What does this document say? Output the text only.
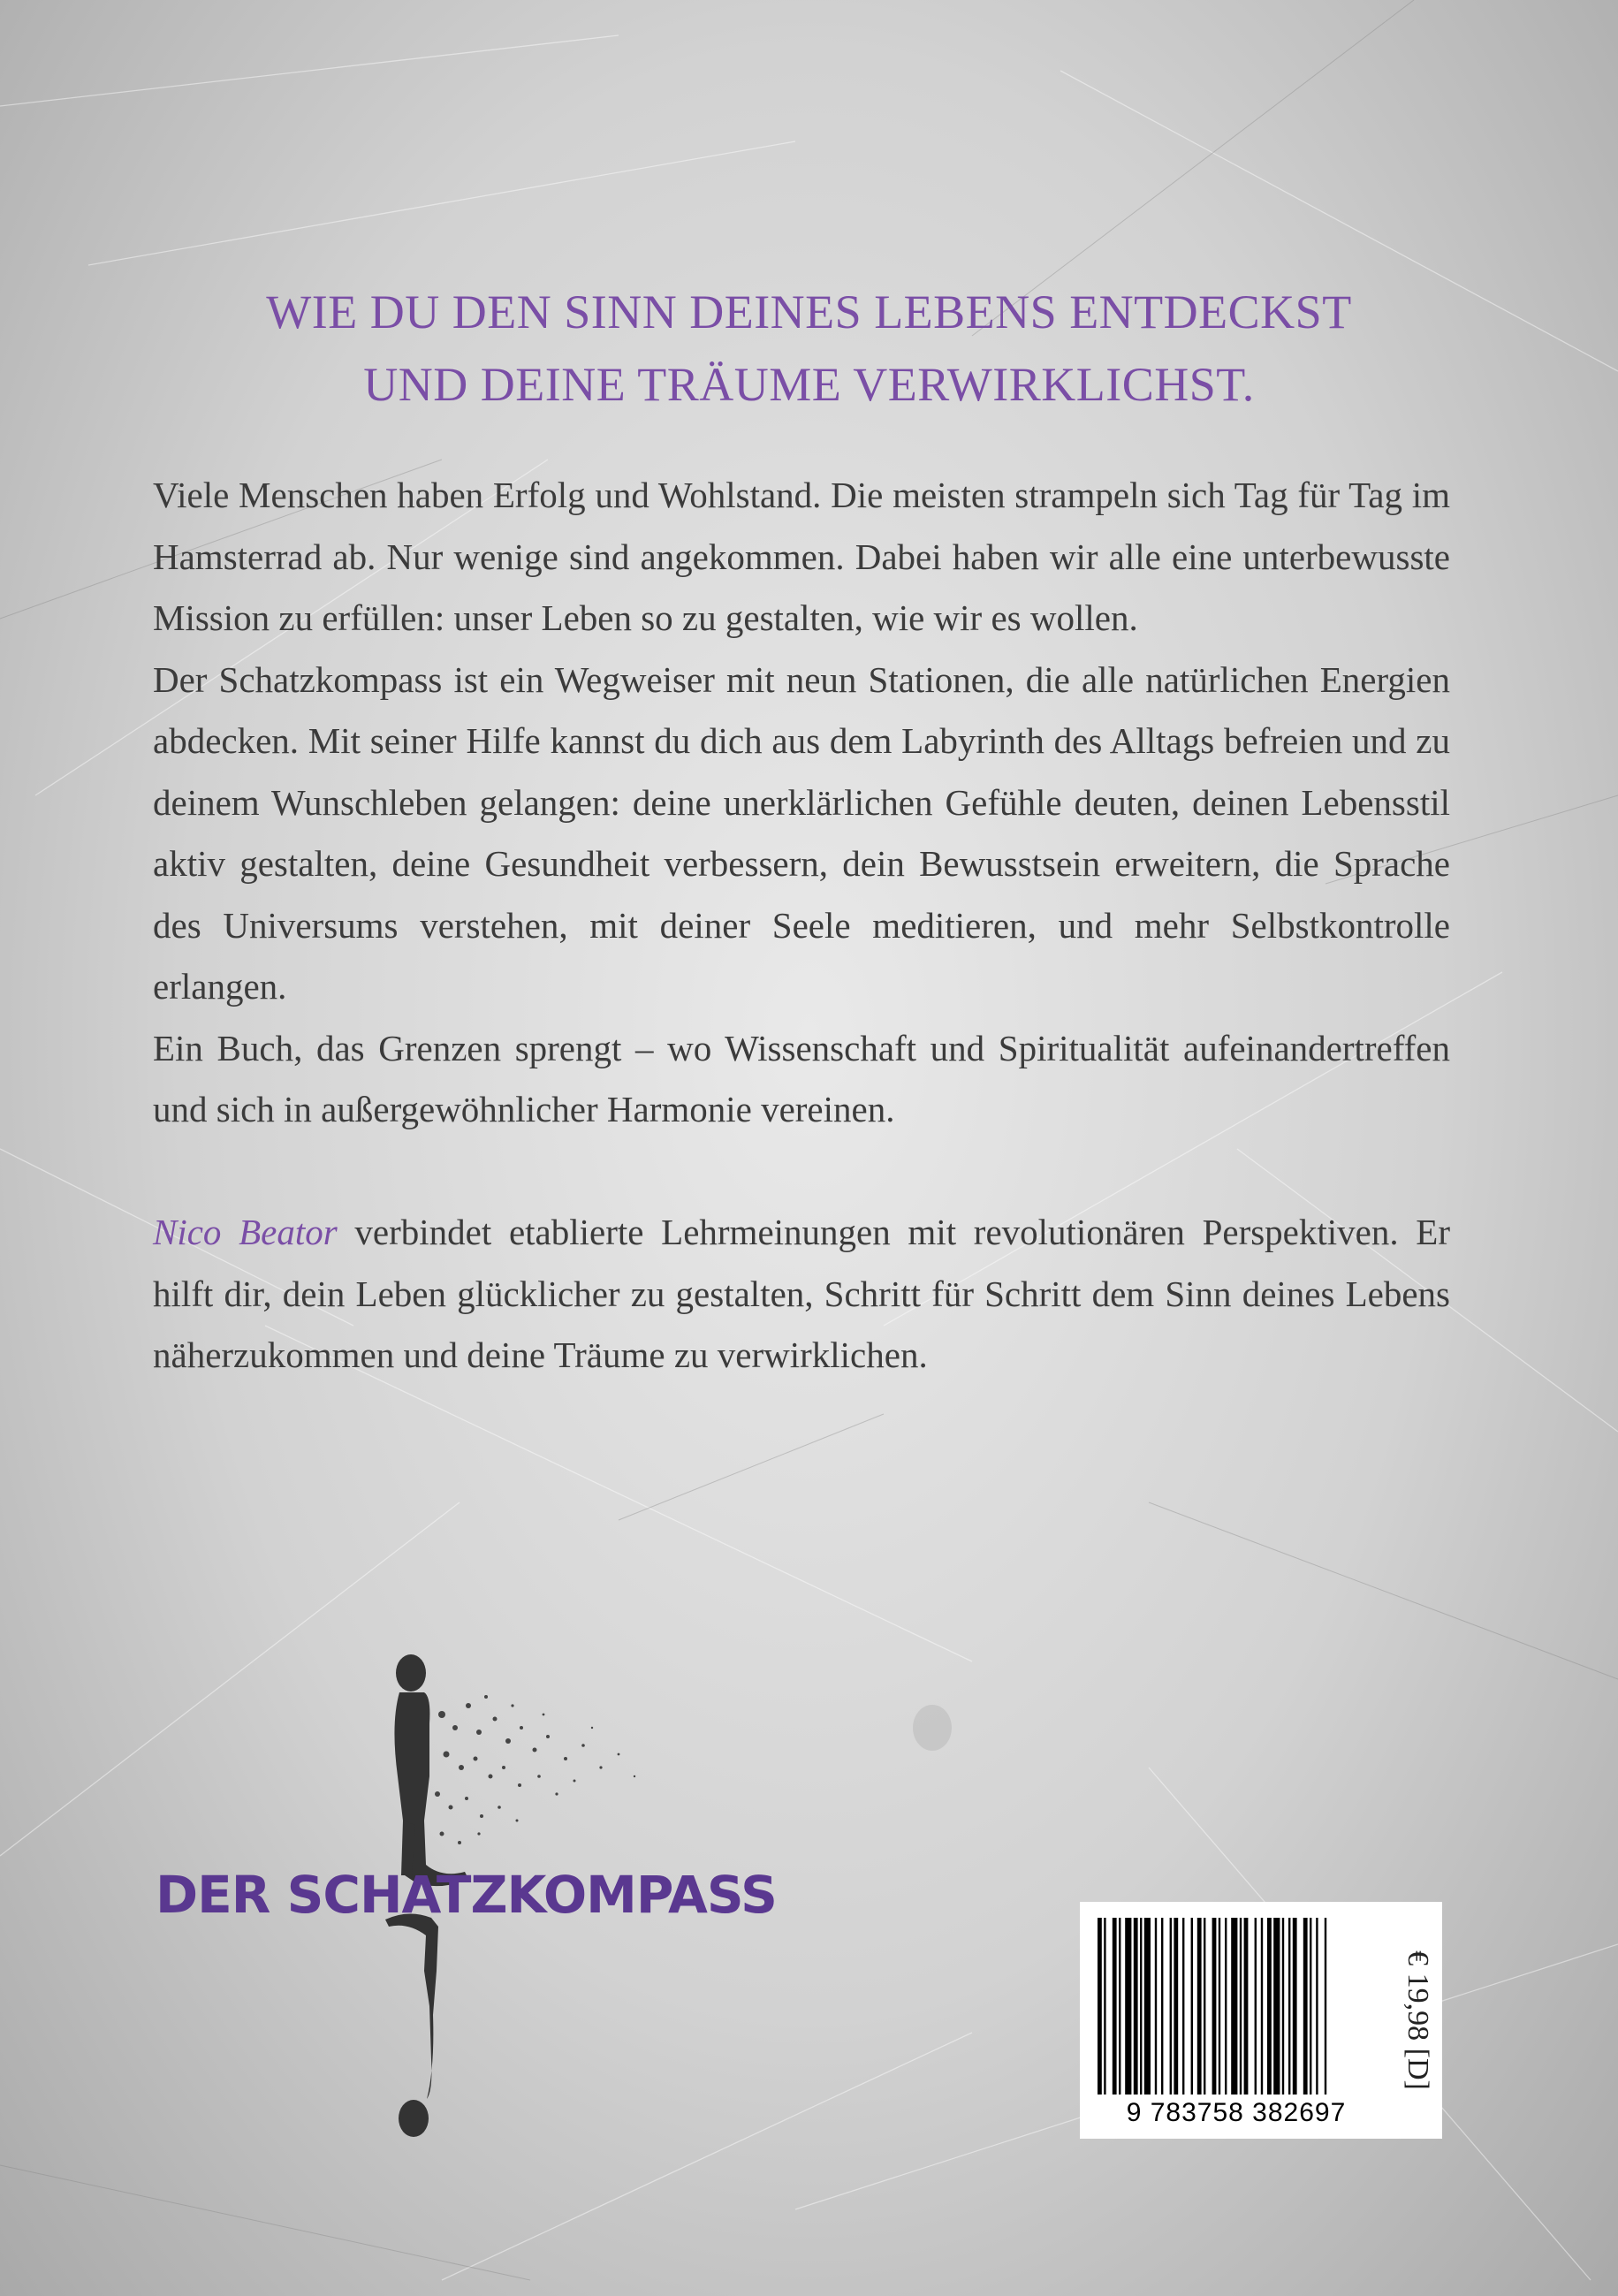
WIE DU DEN SINN DEINES LEBENS ENTDECKST
UND DEINE TRÄUME VERWIRKLICHST.

Viele Menschen haben Erfolg und Wohlstand. Die meisten strampeln sich Tag für Tag im Hamsterrad ab. Nur wenige sind angekommen. Dabei haben wir alle eine unterbewusste Mission zu erfüllen: unser Leben so zu gestalten, wie wir es wollen.

Der Schatzkompass ist ein Wegweiser mit neun Stationen, die alle natürlichen Energien abdecken. Mit seiner Hilfe kannst du dich aus dem Labyrinth des Alltags befreien und zu deinem Wunschleben gelangen: deine unerklärlichen Gefühle deuten, deinen Lebensstil aktiv gestalten, deine Gesundheit verbessern, dein Bewusstsein erweitern, die Sprache des Universums verstehen, mit deiner Seele meditieren, und mehr Selbstkontrolle erlangen.

Ein Buch, das Grenzen sprengt – wo Wissenschaft und Spiritualität aufeinandertreffen und sich in außergewöhnlicher Harmonie vereinen.

Nico Beator verbindet etablierte Lehrmeinungen mit revolutionären Perspektiven. Er hilft dir, dein Leben glücklicher zu gestalten, Schritt für Schritt dem Sinn deines Lebens näherzukommen und deine Träume zu verwirklichen.

DER SCHATZKOMPASS
9 783758 382697
€ 19,98 [D]
